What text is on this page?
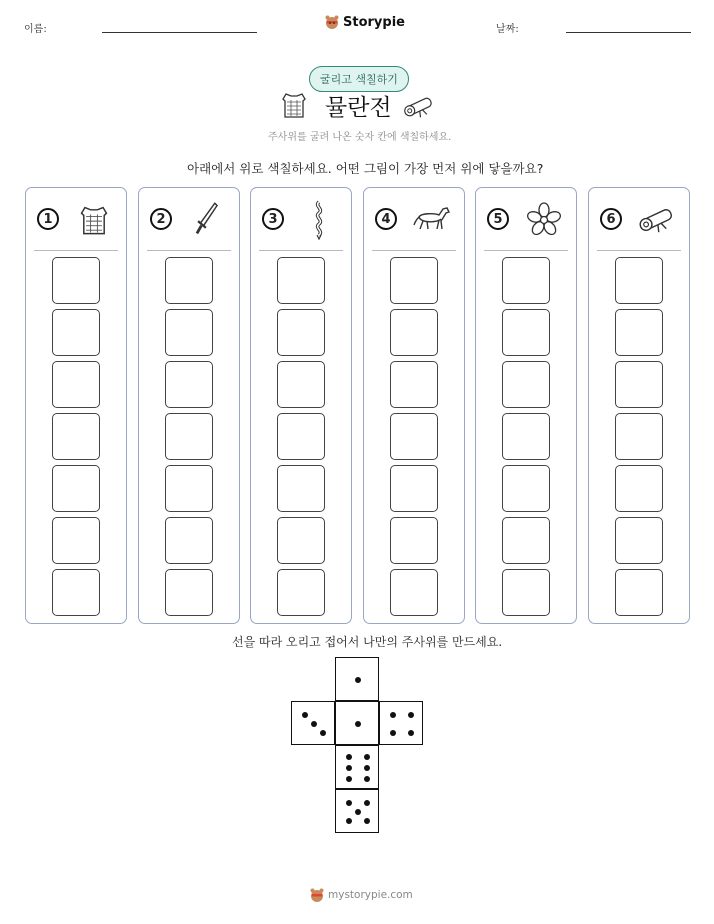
이름:	Storypie	날짜:
굴리고 색칠하기
뮬란전
주사위를 굴려 나온 숫자 칸에 색칠하세요.
아래에서 위로 색칠하세요. 어떤 그림이 가장 먼저 위에 닿을까요?
1	2	3	4	5	6
선을 따라 오리고 접어서 나만의 주사위를 만드세요.
mystorypie.com
